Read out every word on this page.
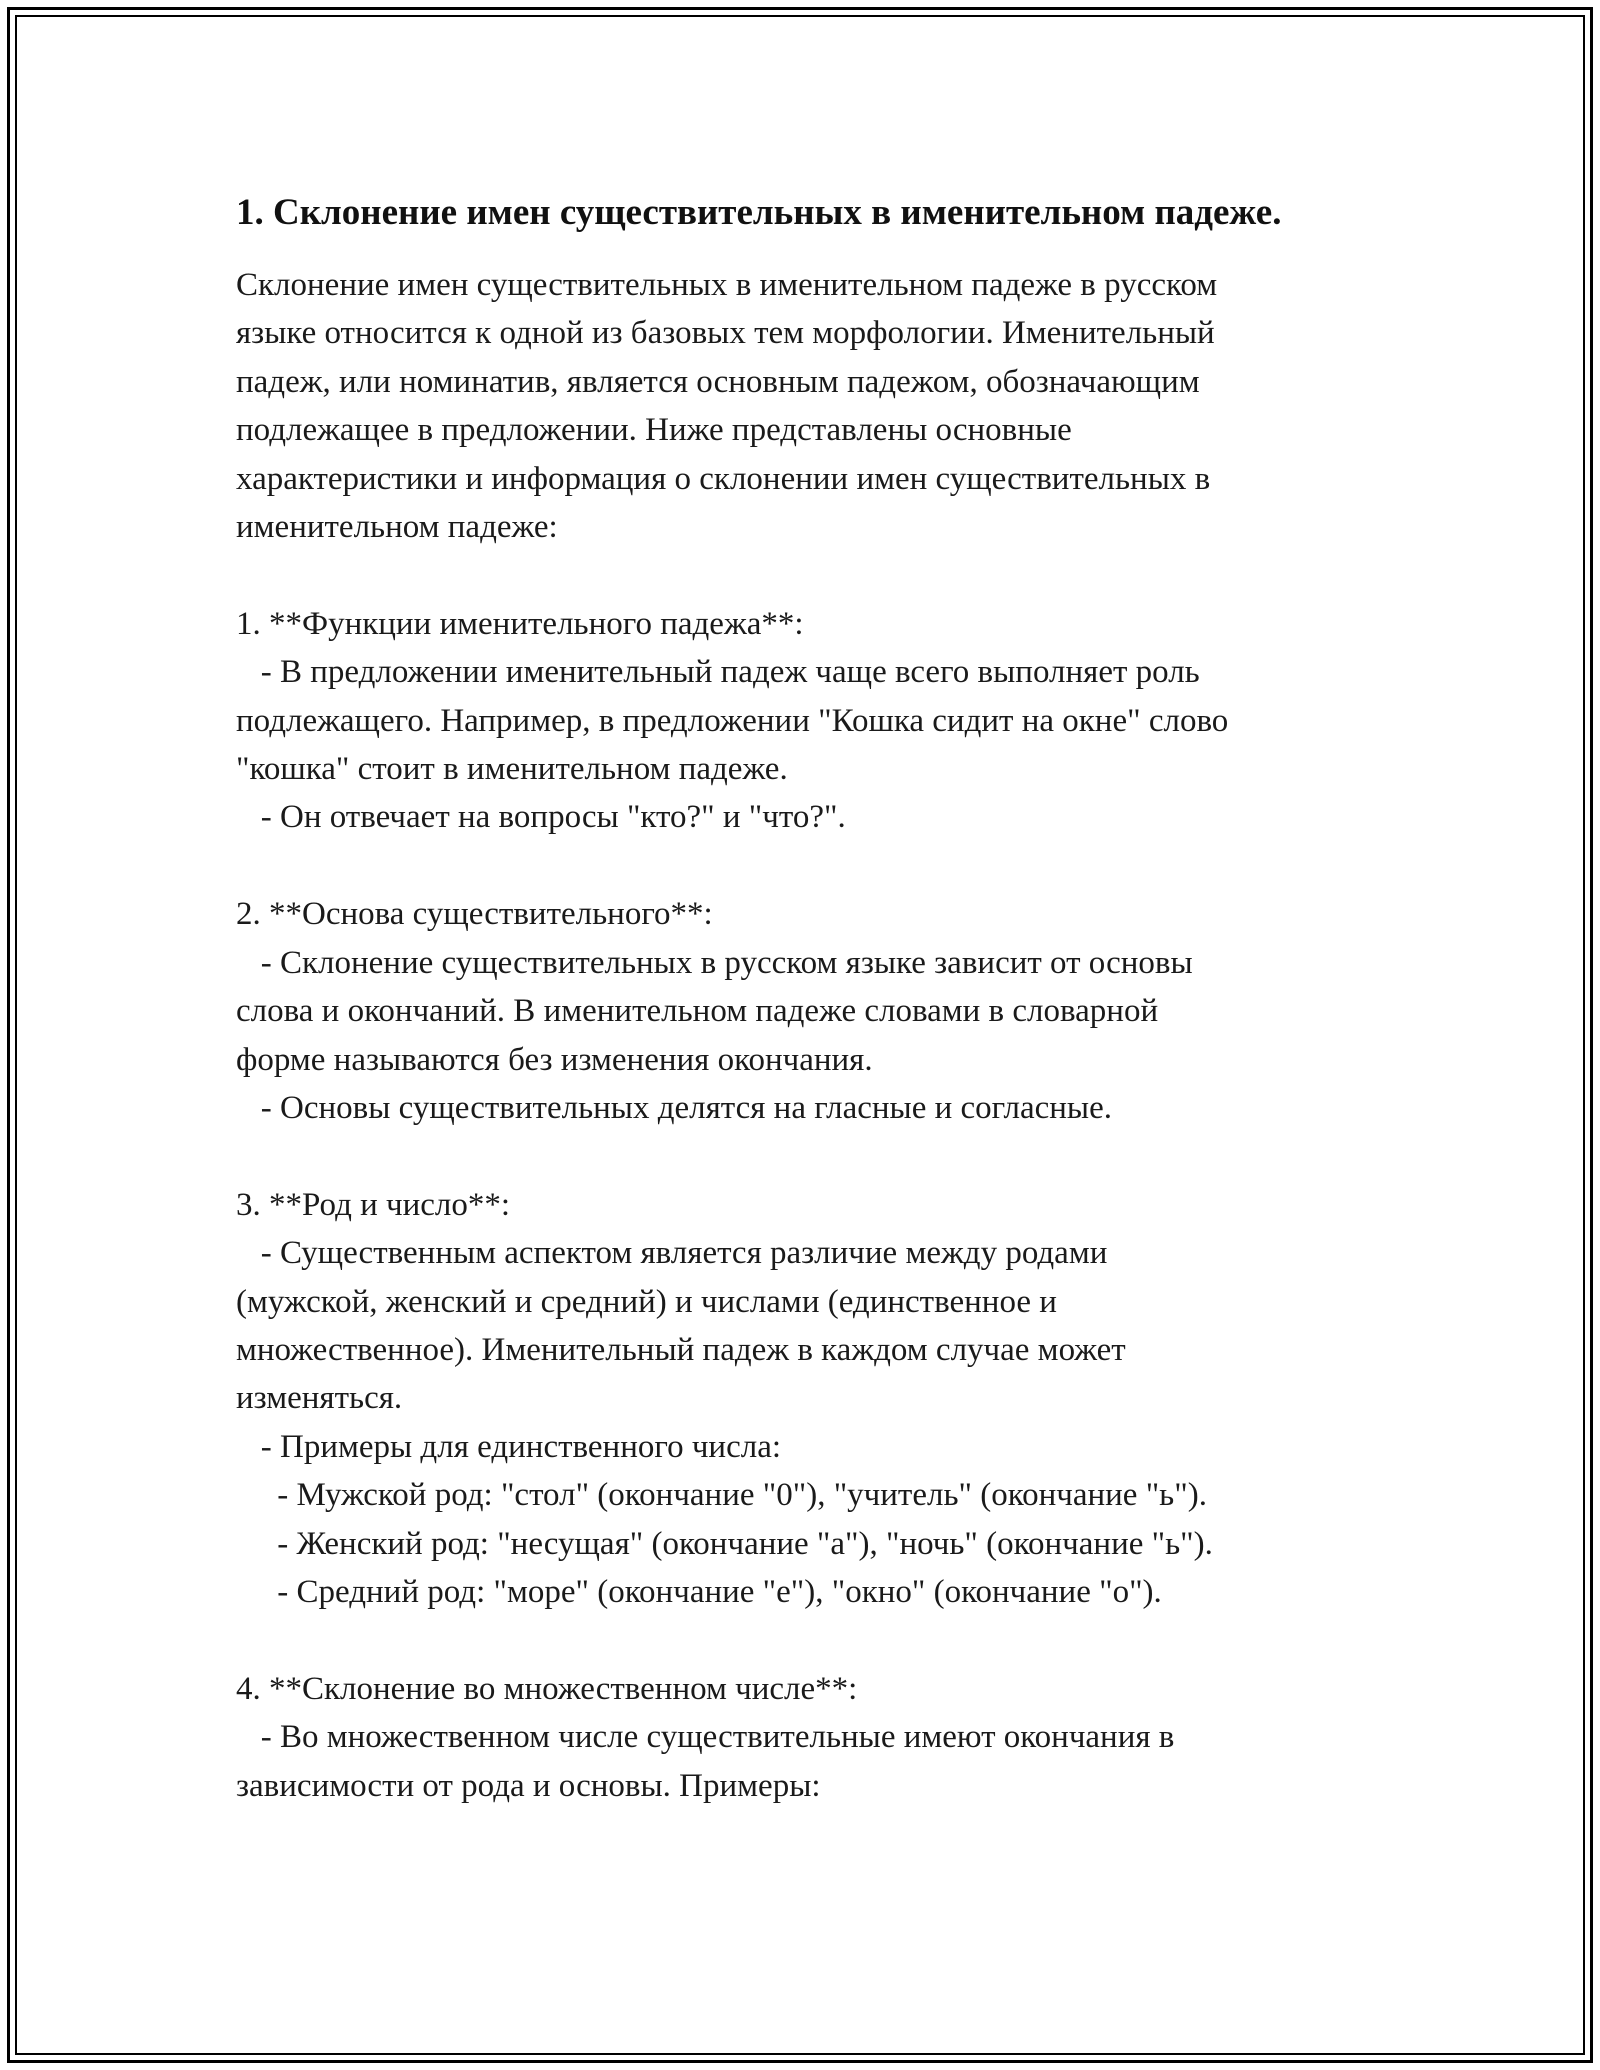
1. Склонение имен существительных в именительном падеже.

Склонение имен существительных в именительном падеже в русском
языке относится к одной из базовых тем морфологии. Именительный
падеж, или номинатив, является основным падежом, обозначающим
подлежащее в предложении. Ниже представлены основные
характеристики и информация о склонении имен существительных в
именительном падеже:

1. **Функции именительного падежа**:
- В предложении именительный падеж чаще всего выполняет роль
подлежащего. Например, в предложении "Кошка сидит на окне" слово
"кошка" стоит в именительном падеже.
- Он отвечает на вопросы "кто?" и "что?".

2. **Основа существительного**:
- Склонение существительных в русском языке зависит от основы
слова и окончаний. В именительном падеже словами в словарной
форме называются без изменения окончания.
- Основы существительных делятся на гласные и согласные.

3. **Род и число**:
- Существенным аспектом является различие между родами
(мужской, женский и средний) и числами (единственное и
множественное). Именительный падеж в каждом случае может
изменяться.
- Примеры для единственного числа:
- Мужской род: "стол" (окончание "0"), "учитель" (окончание "ь").
- Женский род: "несущая" (окончание "а"), "ночь" (окончание "ь").
- Средний род: "море" (окончание "е"), "окно" (окончание "о").

4. **Склонение во множественном числе**:
- Во множественном числе существительные имеют окончания в
зависимости от рода и основы. Примеры:
